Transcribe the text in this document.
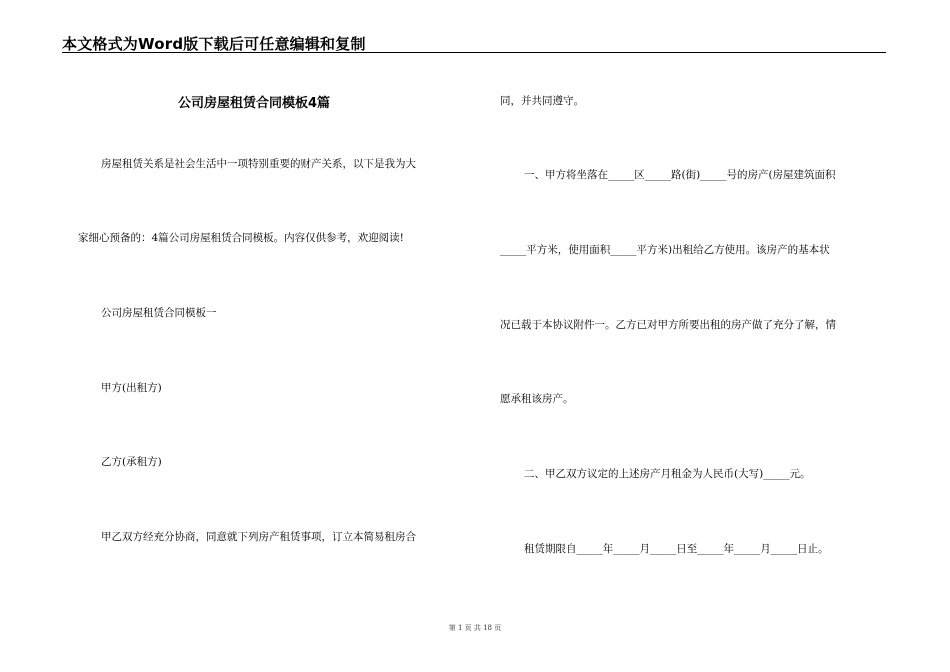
本文格式为Word版下载后可任意编辑和复制
公司房屋租赁合同模板4篇
房屋租赁关系是社会生活中一项特别重要的财产关系，以下是我为大
家细心预备的：4篇公司房屋租赁合同模板。内容仅供参考，欢迎阅读!
公司房屋租赁合同模板一
甲方(出租方)
乙方(承租方)
甲乙双方经充分协商，同意就下列房产租赁事项，订立本简易租房合
同，并共同遵守。
一、甲方将坐落在_____区_____路(街)_____号的房产(房屋建筑面积
_____平方米，使用面积_____平方米)出租给乙方使用。该房产的基本状
况已载于本协议附件一。乙方已对甲方所要出租的房产做了充分了解，情
愿承租该房产。
二、甲乙双方议定的上述房产月租金为人民币(大写)_____元。
租赁期限自_____年_____月_____日至_____年_____月_____日止。
第 1 页 共 18 页
